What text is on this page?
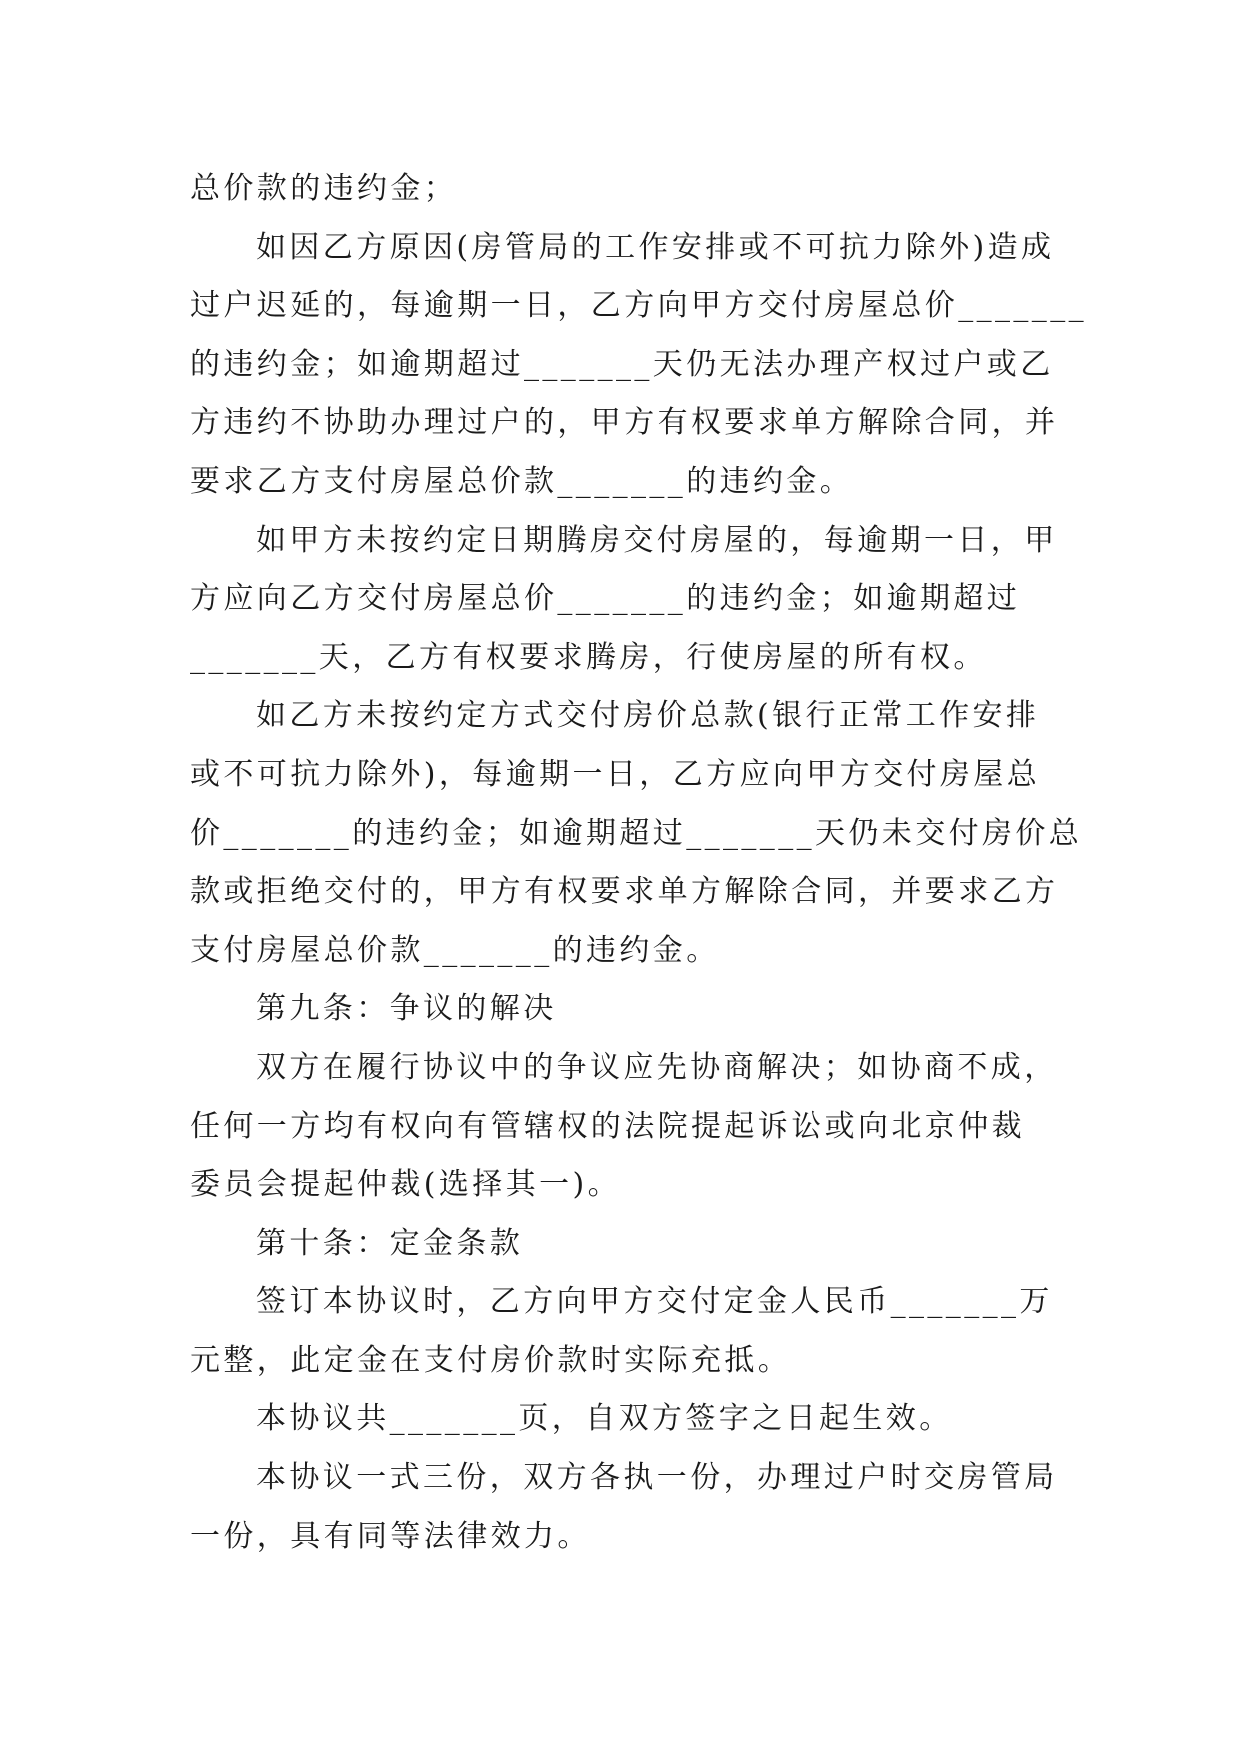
总价款的违约金；
如因乙方原因(房管局的工作安排或不可抗力除外)造成
过户迟延的，每逾期一日，乙方向甲方交付房屋总价_______
的违约金；如逾期超过_______天仍无法办理产权过户或乙
方违约不协助办理过户的，甲方有权要求单方解除合同，并
要求乙方支付房屋总价款_______的违约金。
如甲方未按约定日期腾房交付房屋的，每逾期一日，甲
方应向乙方交付房屋总价_______的违约金；如逾期超过
_______天，乙方有权要求腾房，行使房屋的所有权。
如乙方未按约定方式交付房价总款(银行正常工作安排
或不可抗力除外)，每逾期一日，乙方应向甲方交付房屋总
价_______的违约金；如逾期超过_______天仍未交付房价总
款或拒绝交付的，甲方有权要求单方解除合同，并要求乙方
支付房屋总价款_______的违约金。
第九条：争议的解决
双方在履行协议中的争议应先协商解决；如协商不成，
任何一方均有权向有管辖权的法院提起诉讼或向北京仲裁
委员会提起仲裁(选择其一)。
第十条：定金条款
签订本协议时，乙方向甲方交付定金人民币_______万
元整，此定金在支付房价款时实际充抵。
本协议共_______页，自双方签字之日起生效。
本协议一式三份，双方各执一份，办理过户时交房管局
一份，具有同等法律效力。
